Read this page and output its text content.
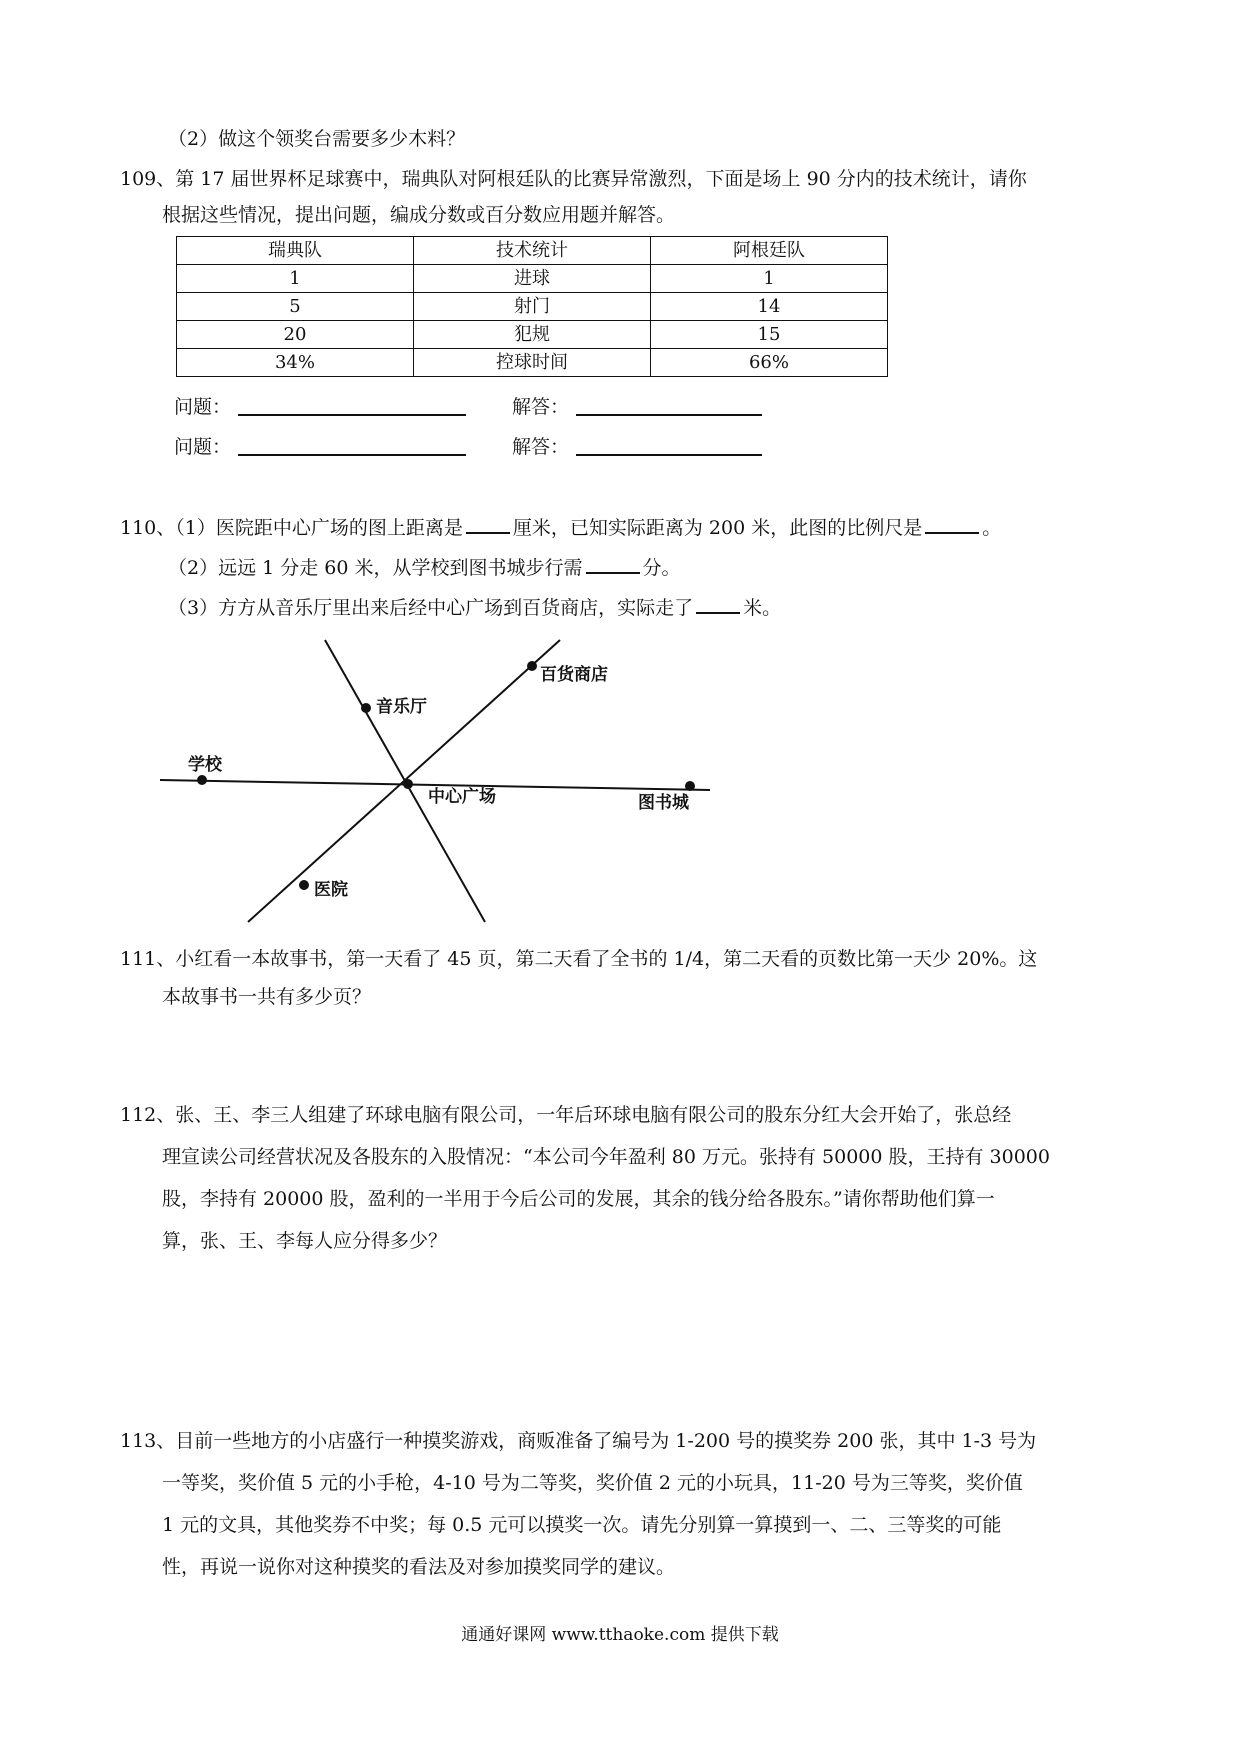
（2）做这个领奖台需要多少木料？
109、第 17 届世界杯足球赛中，瑞典队对阿根廷队的比赛异常激烈，下面是场上 90 分内的技术统计，请你
根据这些情况，提出问题，编成分数或百分数应用题并解答。
瑞典队	技术统计	阿根廷队
1	进球	1
5	射门	14
20	犯规	15
34%	控球时间	66%
问题：	解答：
问题：	解答：
110、（1）医院距中心广场的图上距离是	厘米，已知实际距离为 200 米，此图的比例尺是	。
（2）远远 1 分走 60 米，从学校到图书城步行需	分。
（3）方方从音乐厅里出来后经中心广场到百货商店，实际走了	米。
学校
中心广场	图书城
音乐厅
百货商店
医院
111、小红看一本故事书，第一天看了 45 页，第二天看了全书的 1/4，第二天看的页数比第一天少 20%。这
本故事书一共有多少页？
112、张、王、李三人组建了环球电脑有限公司，一年后环球电脑有限公司的股东分红大会开始了，张总经
理宣读公司经营状况及各股东的入股情况：“本公司今年盈利 80 万元。张持有 50000 股，王持有 30000
股，李持有 20000 股，盈利的一半用于今后公司的发展，其余的钱分给各股东。”请你帮助他们算一
算，张、王、李每人应分得多少？
113、目前一些地方的小店盛行一种摸奖游戏，商贩准备了编号为 1-200 号的摸奖券 200 张，其中 1-3 号为
一等奖，奖价值 5 元的小手枪，4-10 号为二等奖，奖价值 2 元的小玩具，11-20 号为三等奖，奖价值
1 元的文具，其他奖券不中奖；每 0.5 元可以摸奖一次。请先分别算一算摸到一、二、三等奖的可能
性，再说一说你对这种摸奖的看法及对参加摸奖同学的建议。
通通好课网 www.tthaoke.com 提供下载
